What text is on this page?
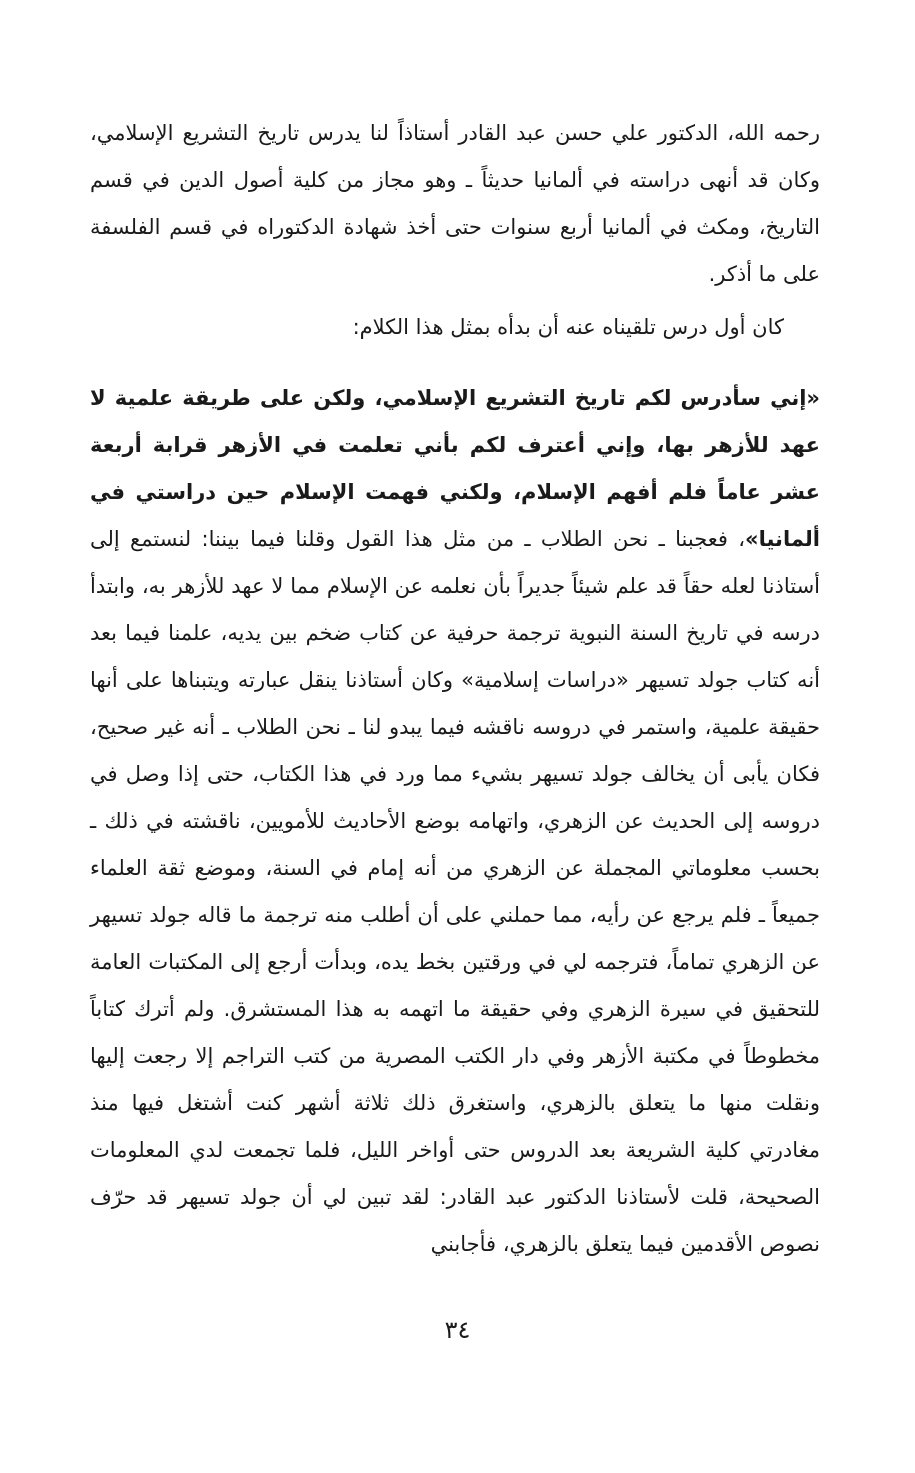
رحمه الله، الدكتور علي حسن عبد القادر أستاذاً لنا يدرس تاريخ التشريع الإسلامي، وكان قد أنهى دراسته في ألمانيا حديثاً ـ وهو مجاز من كلية أصول الدين في قسم التاريخ، ومكث في ألمانيا أربع سنوات حتى أخذ شهادة الدكتوراه في قسم الفلسفة على ما أذكر.
كان أول درس تلقيناه عنه أن بدأه بمثل هذا الكلام:
«إني سأدرس لكم تاريخ التشريع الإسلامي، ولكن على طريقة علمية لا عهد للأزهر بها، وإني أعترف لكم بأني تعلمت في الأزهر قرابة أربعة عشر عاماً فلم أفهم الإسلام، ولكني فهمت الإسلام حين دراستي في ألمانيا»، فعجبنا ـ نحن الطلاب ـ من مثل هذا القول وقلنا فيما بيننا: لنستمع إلى أستاذنا لعله حقاً قد علم شيئاً جديراً بأن نعلمه عن الإسلام مما لا عهد للأزهر به، وابتدأ درسه في تاريخ السنة النبوية ترجمة حرفية عن كتاب ضخم بين يديه، علمنا فيما بعد أنه كتاب جولد تسيهر «دراسات إسلامية» وكان أستاذنا ينقل عبارته ويتبناها على أنها حقيقة علمية، واستمر في دروسه ناقشه فيما يبدو لنا ـ نحن الطلاب ـ أنه غير صحيح، فكان يأبى أن يخالف جولد تسيهر بشيء مما ورد في هذا الكتاب، حتى إذا وصل في دروسه إلى الحديث عن الزهري، واتهامه بوضع الأحاديث للأمويين، ناقشته في ذلك ـ بحسب معلوماتي المجملة عن الزهري من أنه إمام في السنة، وموضع ثقة العلماء جميعاً ـ فلم يرجع عن رأيه، مما حملني على أن أطلب منه ترجمة ما قاله جولد تسيهر عن الزهري تماماً، فترجمه لي في ورقتين بخط يده، وبدأت أرجع إلى المكتبات العامة للتحقيق في سيرة الزهري وفي حقيقة ما اتهمه به هذا المستشرق. ولم أترك كتاباً مخطوطاً في مكتبة الأزهر وفي دار الكتب المصرية من كتب التراجم إلا رجعت إليها ونقلت منها ما يتعلق بالزهري، واستغرق ذلك ثلاثة أشهر كنت أشتغل فيها منذ مغادرتي كلية الشريعة بعد الدروس حتى أواخر الليل، فلما تجمعت لدي المعلومات الصحيحة، قلت لأستاذنا الدكتور عبد القادر: لقد تبين لي أن جولد تسيهر قد حرّف نصوص الأقدمين فيما يتعلق بالزهري، فأجابني
٣٤
